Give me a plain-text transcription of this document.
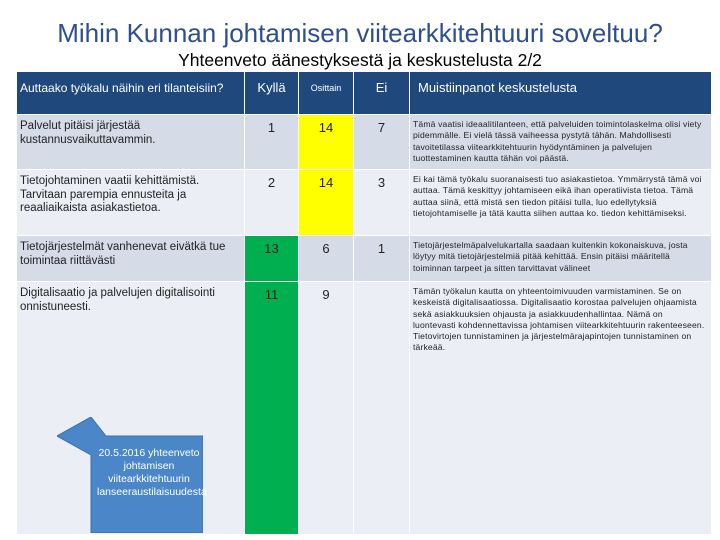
Mihin Kunnan johtamisen viitearkkitehtuuri soveltuu?
Yhteenveto äänestyksestä ja keskustelusta 2/2
Auttaako työkalu näihin eri tilanteisiin?	Kyllä	Osittain	Ei	Muistiinpanot keskustelusta
Palvelut pitäisi järjestää kustannusvaikuttavammin.	1	14	7	Tämä vaatisi ideaalitilanteen, että palveluiden toimintolaskelma olisi viety pidemmälle. Ei vielä tässä vaiheessa pystytä tähän. Mahdollisesti tavoitetilassa viitearkkitehtuurin hyödyntäminen ja palvelujen tuottestaminen kautta tähän voi päästä.
Tietojohtaminen vaatii kehittämistä. Tarvitaan parempia ennusteita ja reaaliaikaista asiakastietoa.	2	14	3	Ei kai tämä työkalu suoranaisesti tuo asiakastietoa. Ymmärrystä tämä voi auttaa. Tämä keskittyy johtamiseen eikä ihan operatiivista tietoa. Tämä auttaa siinä, että mistä sen tiedon pitäisi tulla, luo edellytyksiä tietojohtamiselle ja tätä kautta siihen auttaa ko. tiedon kehittämiseksi.
Tietojärjestelmät vanhenevat eivätkä tue toimintaa riittävästi	13	6	1	Tietojärjestelmäpalvelukartalla saadaan kuitenkin kokonaiskuva, josta löytyy mitä tietojärjestelmiä pitää kehittää. Ensin pitäisi määritellä toiminnan tarpeet ja sitten tarvittavat välineet
Digitalisaatio ja palvelujen digitalisointi onnistuneesti.	11	9		Tämän työkalun kautta on yhteentoimivuuden varmistaminen. Se on keskeistä digitalisaatiossa. Digitalisaatio korostaa palvelujen ohjaamista sekä asiakkuuksien ohjausta ja asiakkuudenhallintaa. Nämä on luontevasti kohdennettavissa johtamisen viitearkkitehtuurin rakenteeseen. Tietovirtojen tunnistaminen ja järjestelmärajapintojen tunnistaminen on tärkeää.
20.5.2016 yhteenveto johtamisen viitearkkitehtuurin lanseeraustilaisuudesta
